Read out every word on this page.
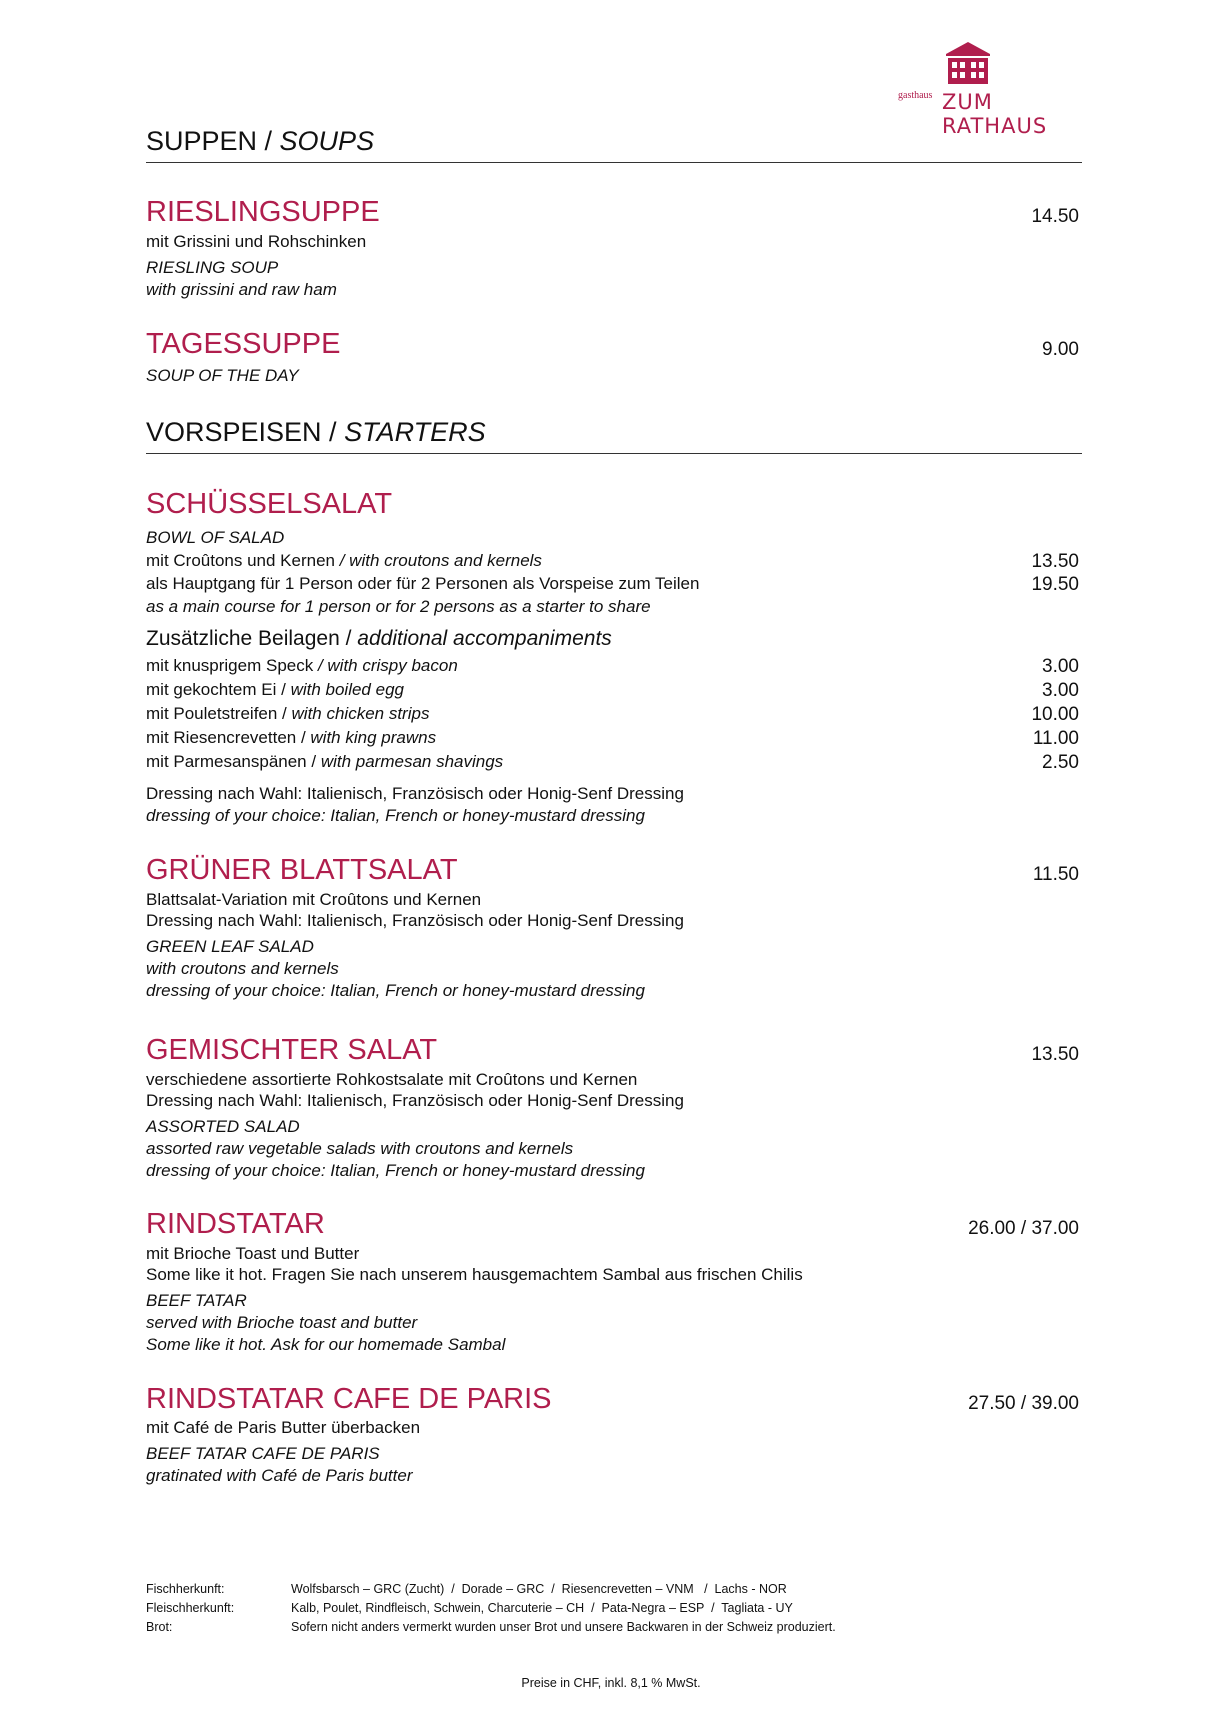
gasthaus ZUM RATHAUS
SUPPEN / SOUPS
RIESLINGSUPPE	14.50
mit Grissini und Rohschinken
RIESLING SOUP
with grissini and raw ham
TAGESSUPPE	9.00
SOUP OF THE DAY
VORSPEISEN / STARTERS
SCHÜSSELSALAT
BOWL OF SALAD
mit Croûtons und Kernen / with croutons and kernels	13.50
als Hauptgang für 1 Person oder für 2 Personen als Vorspeise zum Teilen	19.50
as a main course for 1 person or for 2 persons as a starter to share
Zusätzliche Beilagen / additional accompaniments
mit knusprigem Speck / with crispy bacon	3.00
mit gekochtem Ei / with boiled egg	3.00
mit Pouletstreifen / with chicken strips	10.00
mit Riesencrevetten / with king prawns	11.00
mit Parmesanspänen / with parmesan shavings	2.50
Dressing nach Wahl: Italienisch, Französisch oder Honig-Senf Dressing
dressing of your choice: Italian, French or honey-mustard dressing
GRÜNER BLATTSALAT	11.50
Blattsalat-Variation mit Croûtons und Kernen
Dressing nach Wahl: Italienisch, Französisch oder Honig-Senf Dressing
GREEN LEAF SALAD
with croutons and kernels
dressing of your choice: Italian, French or honey-mustard dressing
GEMISCHTER SALAT	13.50
verschiedene assortierte Rohkostsalate mit Croûtons und Kernen
Dressing nach Wahl: Italienisch, Französisch oder Honig-Senf Dressing
ASSORTED SALAD
assorted raw vegetable salads with croutons and kernels
dressing of your choice: Italian, French or honey-mustard dressing
RINDSTATAR	26.00 / 37.00
mit Brioche Toast und Butter
Some like it hot. Fragen Sie nach unserem hausgemachtem Sambal aus frischen Chilis
BEEF TATAR
served with Brioche toast and butter
Some like it hot. Ask for our homemade Sambal
RINDSTATAR CAFE DE PARIS	27.50 / 39.00
mit Café de Paris Butter überbacken
BEEF TATAR CAFE DE PARIS
gratinated with Café de Paris butter
Fischherkunft:	Wolfsbarsch – GRC (Zucht)  /  Dorade – GRC  /  Riesencrevetten – VNM   /  Lachs - NOR
Fleischherkunft:	Kalb, Poulet, Rindfleisch, Schwein, Charcuterie – CH  /  Pata-Negra – ESP  /  Tagliata - UY
Brot:	Sofern nicht anders vermerkt wurden unser Brot und unsere Backwaren in der Schweiz produziert.
Preise in CHF, inkl. 8,1 % MwSt.
